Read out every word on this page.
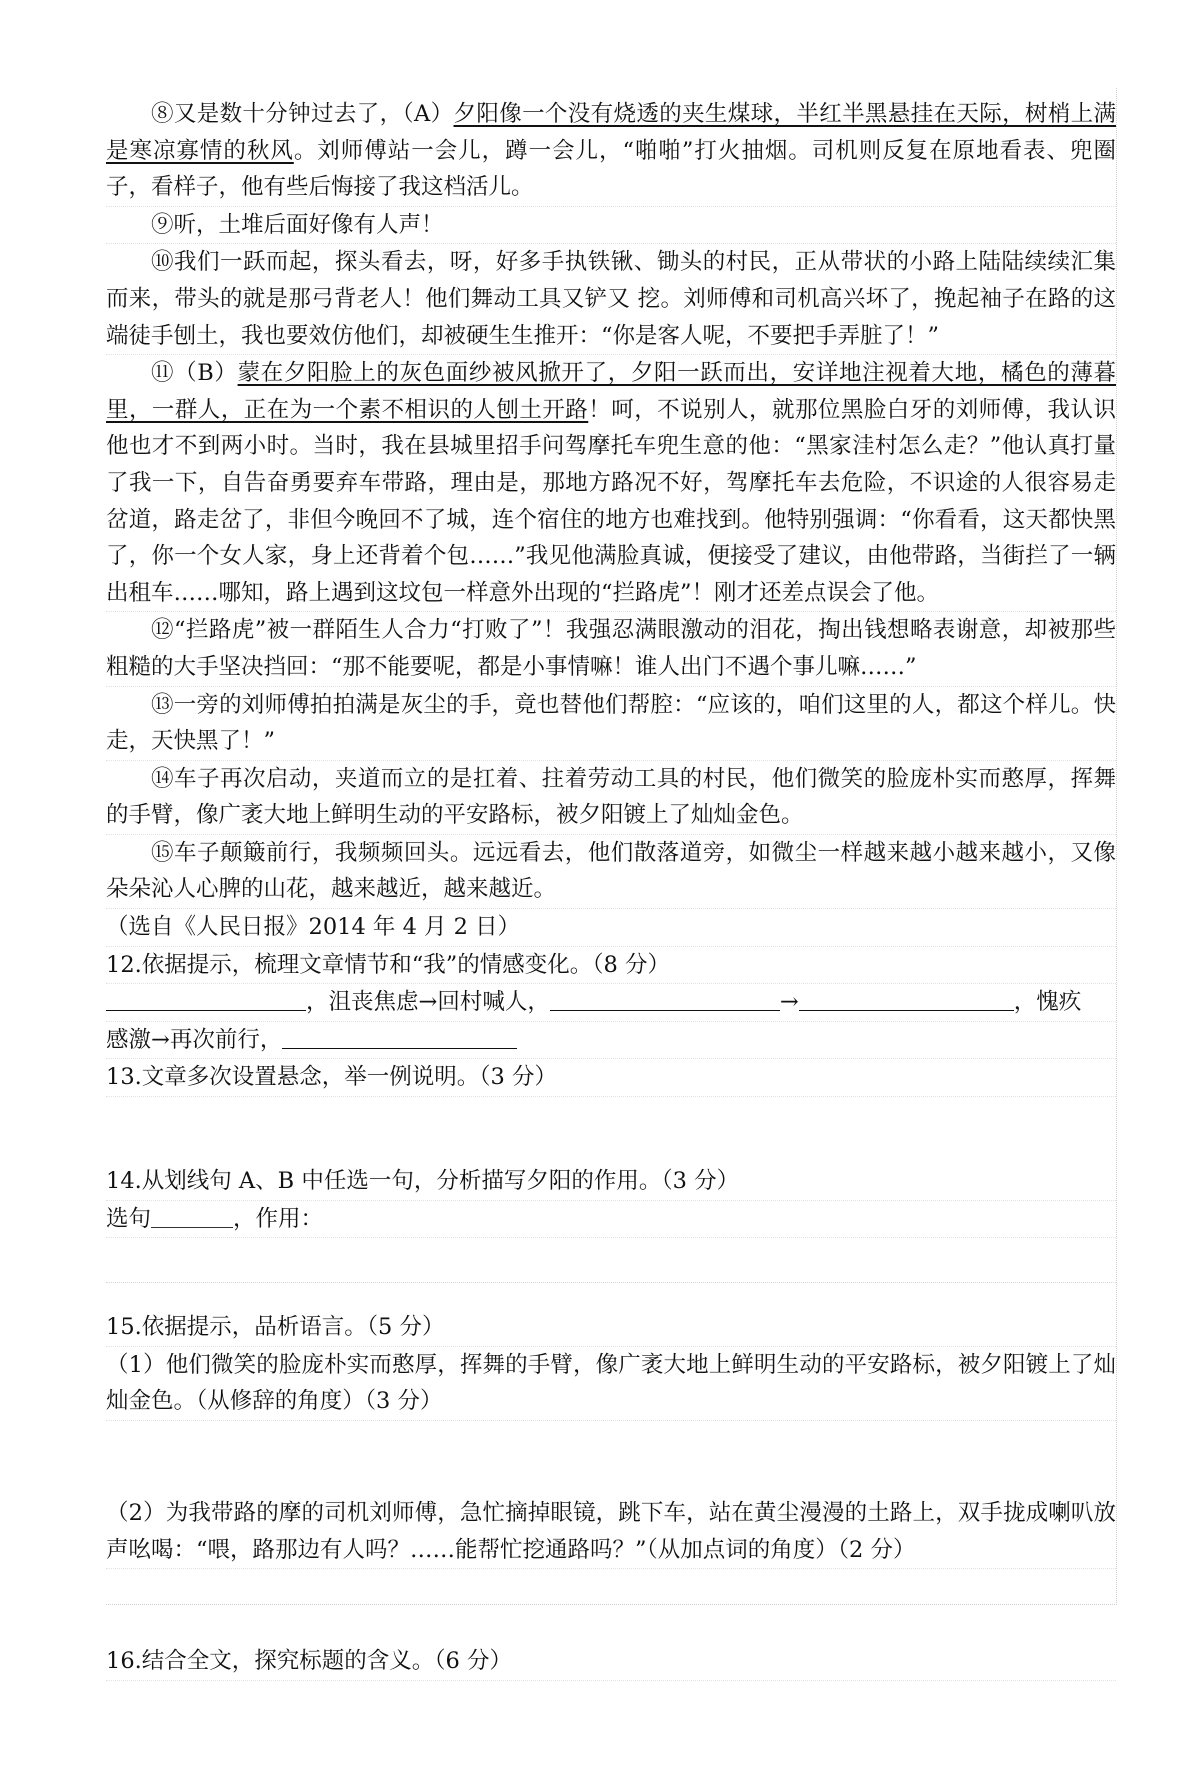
⑧又是数十分钟过去了，（A）夕阳像一个没有烧透的夹生煤球，半红半黑悬挂在天际，树梢上满是寒凉寡情的秋风。刘师傅站一会儿，蹲一会儿，“啪啪”打火抽烟。司机则反复在原地看表、兜圈子，看样子，他有些后悔接了我这档活儿。

⑨听，土堆后面好像有人声！

⑩我们一跃而起，探头看去，呀，好多手执铁锹、锄头的村民，正从带状的小路上陆陆续续汇集而来，带头的就是那弓背老人！他们舞动工具又铲又 挖。刘师傅和司机高兴坏了，挽起袖子在路的这端徒手刨土，我也要效仿他们，却被硬生生推开：“你是客人呢，不要把手弄脏了！”

⑪（B）蒙在夕阳脸上的灰色面纱被风掀开了，夕阳一跃而出，安详地注视着大地，橘色的薄暮里，一群人，正在为一个素不相识的人刨土开路！呵，不说别人，就那位黑脸白牙的刘师傅，我认识他也才不到两小时。当时，我在县城里招手问驾摩托车兜生意的他：“黑家洼村怎么走？”他认真打量了我一下，自告奋勇要弃车带路，理由是，那地方路况不好，驾摩托车去危险，不识途的人很容易走岔道，路走岔了，非但今晚回不了城，连个宿住的地方也难找到。他特别强调：“你看看，这天都快黑了，你一个女人家，身上还背着个包……”我见他满脸真诚，便接受了建议，由他带路，当街拦了一辆出租车……哪知，路上遇到这坟包一样意外出现的“拦路虎”！刚才还差点误会了他。

⑫“拦路虎”被一群陌生人合力“打败了”！我强忍满眼激动的泪花，掏出钱想略表谢意，却被那些粗糙的大手坚决挡回：“那不能要呢，都是小事情嘛！谁人出门不遇个事儿嘛……”

⑬一旁的刘师傅拍拍满是灰尘的手，竟也替他们帮腔：“应该的，咱们这里的人，都这个样儿。快走，天快黑了！”

⑭车子再次启动，夹道而立的是扛着、拄着劳动工具的村民，他们微笑的脸庞朴实而憨厚，挥舞的手臂，像广袤大地上鲜明生动的平安路标，被夕阳镀上了灿灿金色。

⑮车子颠簸前行，我频频回头。远远看去，他们散落道旁，如微尘一样越来越小越来越小，又像朵朵沁人心脾的山花，越来越近，越来越近。

（选自《人民日报》2014 年 4 月 2 日）

12.依据提示，梳理文章情节和“我”的情感变化。（8 分）

，沮丧焦虑→回村喊人，	→	，愧疚

感激→再次前行，

13.文章多次设置悬念，举一例说明。（3 分）

14.从划线句 A、B 中任选一句，分析描写夕阳的作用。（3 分）

选句	，作用：

15.依据提示，品析语言。（5 分）

（1）他们微笑的脸庞朴实而憨厚，挥舞的手臂，像广袤大地上鲜明生动的平安路标，被夕阳镀上了灿灿金色。（从修辞的角度）（3 分）

（2）为我带路的摩的司机刘师傅，急忙摘掉眼镜，跳下车，站在黄尘漫漫的土路上，双手拢成喇叭放声吆喝：“喂，路那边有人吗？……能帮忙挖通路吗？”（从加点词的角度）（2 分）

16.结合全文，探究标题的含义。（6 分）
